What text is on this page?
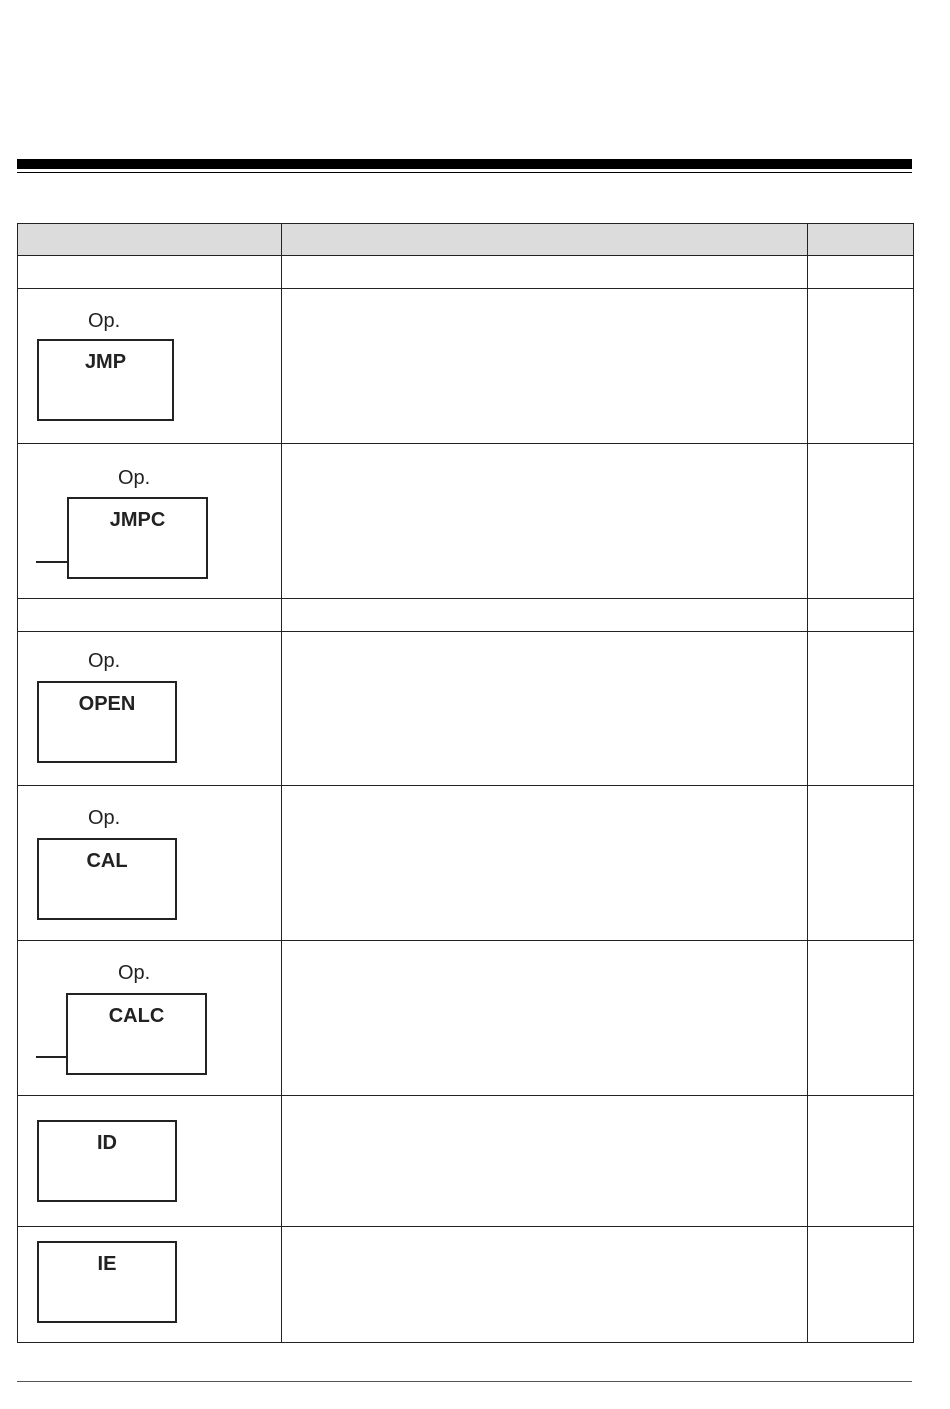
Op.
JMP		

Op.
JMPC		

Op.
OPEN		

Op.
CAL		

Op.
CALC		

ID		

IE		
